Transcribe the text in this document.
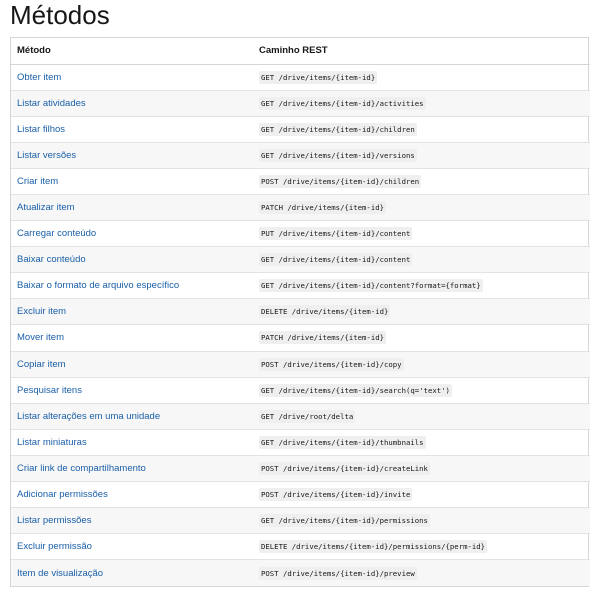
Métodos
Método	Caminho REST
Obter item	GET /drive/items/{item-id}
Listar atividades	GET /drive/items/{item-id}/activities
Listar filhos	GET /drive/items/{item-id}/children
Listar versões	GET /drive/items/{item-id}/versions
Criar item	POST /drive/items/{item-id}/children
Atualizar item	PATCH /drive/items/{item-id}
Carregar conteúdo	PUT /drive/items/{item-id}/content
Baixar conteúdo	GET /drive/items/{item-id}/content
Baixar o formato de arquivo específico	GET /drive/items/{item-id}/content?format={format}
Excluir item	DELETE /drive/items/{item-id}
Mover item	PATCH /drive/items/{item-id}
Copiar item	POST /drive/items/{item-id}/copy
Pesquisar itens	GET /drive/items/{item-id}/search(q='text')
Listar alterações em uma unidade	GET /drive/root/delta
Listar miniaturas	GET /drive/items/{item-id}/thumbnails
Criar link de compartilhamento	POST /drive/items/{item-id}/createLink
Adicionar permissões	POST /drive/items/{item-id}/invite
Listar permissões	GET /drive/items/{item-id}/permissions
Excluir permissão	DELETE /drive/items/{item-id}/permissions/{perm-id}
Item de visualização	POST /drive/items/{item-id}/preview
